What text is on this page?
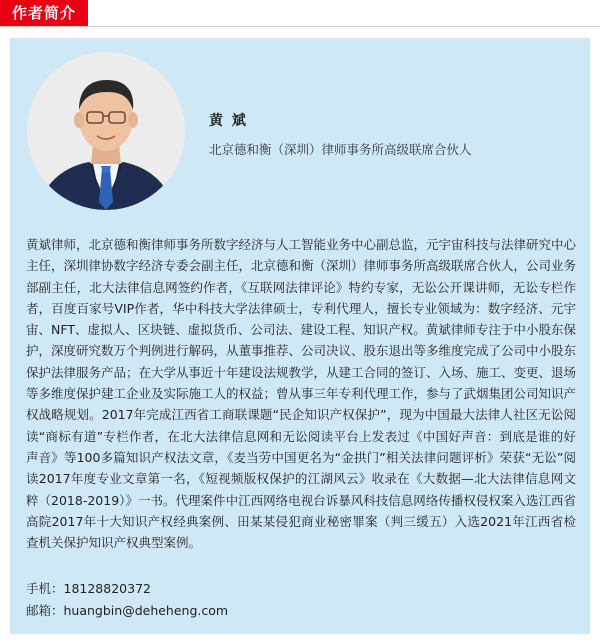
作者简介
黄 斌
北京德和衡（深圳）律师事务所高级联席合伙人

黄斌律师，北京德和衡律师事务所数字经济与人工智能业务中心副总监，元宇宙科技与法律研究中心主任，深圳律协数字经济专委会副主任，北京德和衡（深圳）律师事务所高级联席合伙人，公司业务部副主任，北大法律信息网签约作者，《互联网法律评论》特约专家，无讼公开课讲师，无讼专栏作者，百度百家号VIP作者，华中科技大学法律硕士，专利代理人，擅长专业领域为：数字经济、元宇宙、NFT、虚拟人、区块链、虚拟货币、公司法、建设工程、知识产权。黄斌律师专注于中小股东保护，深度研究数万个判例进行解码，从董事推荐、公司决议、股东退出等多维度完成了公司中小股东保护法律服务产品；在大学从事近十年建设法规教学，从建工合同的签订、入场、施工、变更、退场等多维度保护建工企业及实际施工人的权益；曾从事三年专利代理工作，参与了武烟集团公司知识产权战略规划。2017年完成江西省工商联课题“民企知识产权保护”，现为中国最大法律人社区无讼阅读“商标有道”专栏作者，在北大法律信息网和无讼阅读平台上发表过《中国好声音：到底是谁的好声音》等100多篇知识产权法文章，《麦当劳中国更名为“金拱门”相关法律问题评析》荣获“无讼”阅读2017年度专业文章第一名，《短视频版权保护的江湖风云》收录在《大数据—北大法律信息网文粹（2018-2019）》一书。代理案件中江西网络电视台诉暴风科技信息网络传播权侵权案入选江西省高院2017年十大知识产权经典案例、田某某侵犯商业秘密罪案（判三缓五）入选2021年江西省检查机关保护知识产权典型案例。

手机：18128820372
邮箱：huangbin@deheheng.com
